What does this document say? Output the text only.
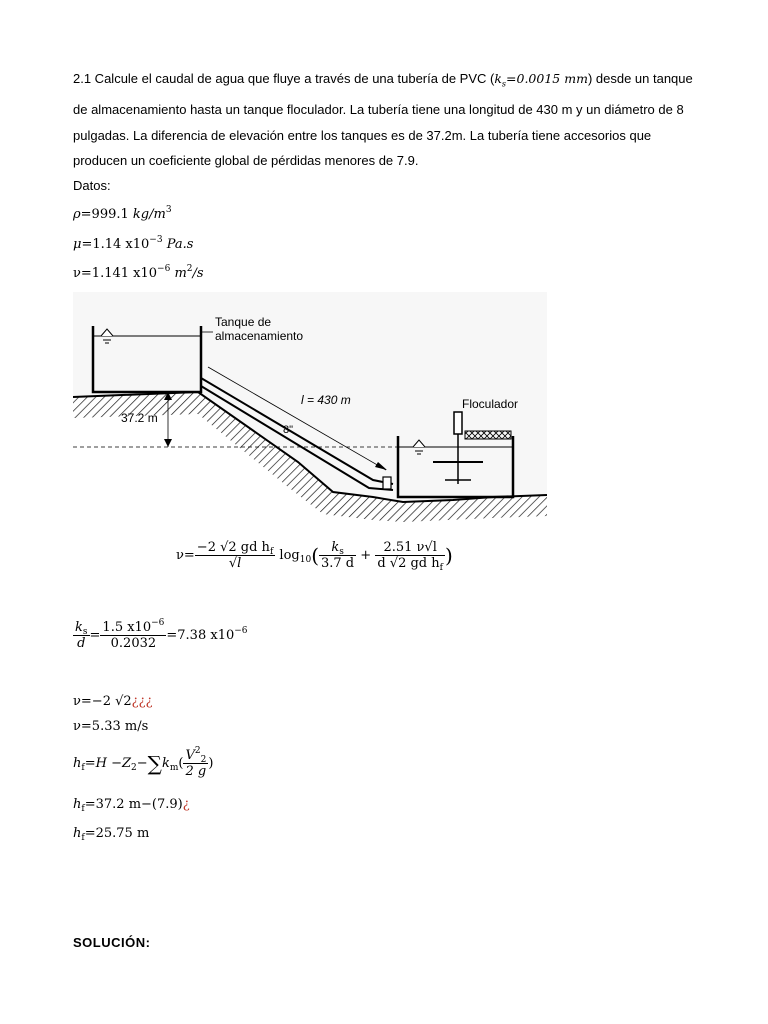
2.1 Calcule el caudal de agua que fluye a través de una tubería de PVC ($k_s=0.0015$ mm) desde un tanque de almacenamiento hasta un tanque floculador. La tubería tiene una longitud de 430 m y un diámetro de 8 pulgadas. La diferencia de elevación entre los tanques es de 37.2m. La tubería tiene accesorios que producen un coeficiente global de pérdidas menores de 7.9.
Datos:
ρ=999.1 $kg/m^3$
μ=1.14 $x10^{-3}$ Pa.s
ν=1.141 $x10^{-6}$ $m^2/s$
Tanque de
almacenamiento
l = 430 m
8"
37.2 m
Floculador
$\nu= \frac{-2 √2 gd h_f}{√l} \log_{10}( \frac{k_s}{3.7 d} + \frac{2.51 \nu√l}{d √2 gd h_f}$ )
$\frac{k_s}{d} = \frac{1.5 x10^{-6}}{0.2032} =7.38$ $x10^{-6}$
ν=−2 √2¿¿¿
ν=5.33 m/s
$h_f=H -Z_2-\sum k_m( \frac{V^2_2}{2 g}$ )
$h_f=37.2$ m−(7.9)¿
$h_f=25.75$ m
SOLUCIÓN:
